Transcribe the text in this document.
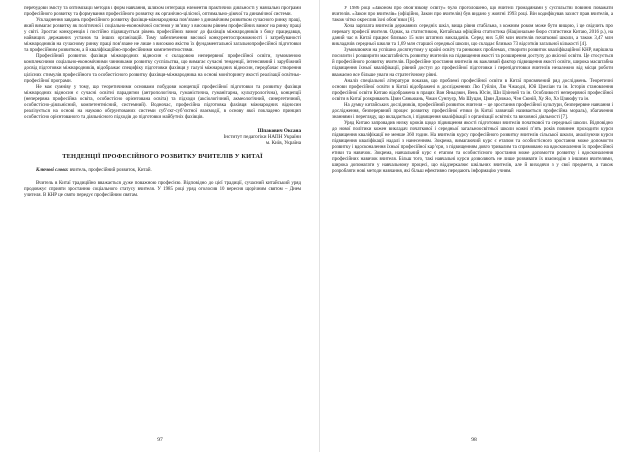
перебудови змісту та оптимізації методів і форм навчання, шляхом інтеграції елементів практичної діяльності у навчальні програми професійного розвитку та формування професійного розвитку як органічно-цілісної, оптимально-діючої та динамічної системи.

Ускладнення завдань професійного розвитку фахівця-міжнародника пов’язане з динамічним розвитком сучасного ринку праці, який вимагає розвитку як політичної і соціально-економічної системи у зв’язку з високим рівнем професійних вимог на ринку праці у світі. Зростає конкуренція і постійно підвищується рівень професійних вимог до фахівців міжнародників з боку працедавця, найвищих державних установ та інших організацій. Тому забезпечення високої конкурентоспроможності і затребуваності міжнародників на сучасному ринку праці пов’язане не лише з високою якістю їх фундаментальної загальнопрофесійної підготовки та професійним розвитком, а й кваліфікаційно-професійними компетентностями.

Професійний розвиток фахівця міжнародних відносин є складовою неперервної професійної освіти, зумовленою комплексними соціально-економічними чинниками розвитку суспільства, що вимагає сучасні тенденції, інтенсивний і зарубіжний досвід підготовки міжнародників, відображає специфіку підготовки фахівця у галузі міжнародних відносин, передбачає створення цілісних стимулів професійного та особистісного розвитку фахівця-міжнародника на основі моніторингу якості реалізації освітньо-професійної програми.

Не має сумніву у тому, що теоретичними основами побудови концепції професійної підготовки та розвитку фахівця міжнародних відносин є сучасні освітні парадигми (антропологічна, гуманістична, гуманітарна, культурологічна), концепції (неперервна професійна освіта, особистісно орієнтована освіта) та підходи (аксіологічний, акмеологічний, синергетичний, особистісно-діяльнісний, компетентнісний, системний). Водночас, професійна підготовка фахівця міжнародних відносин реалізується на основі на науково обґрунтованих системи суб’єкт-суб’єктної взаємодії, в основу якої покладено принцип особистісно орієнтованого та діяльнісного підходів до підготовки майбутніх фахівців.

Шпакович Оксана
Інститут педагогіки НАПН України
м. Київ, Україна
ТЕНДЕНЦІЇ ПРОФЕСІЙНОГО РОЗВИТКУ ВЧИТЕЛІВ У КИТАЇ
Ключові слова: вчитель, професійний розвиток, Китай.

Вчитель в Китаї традиційно вважається дуже поважною професією. Відповідно до цієї традиції, сучасний китайський уряд продовжує сприяти зростанню соціального статусу вчителя. У 1985 році уряд оголосив 10 вересня щорічним святом – Днем учителя. В КНР це свято передує професійним святам.

97

У 1986 році «Законом про обов’язкову освіту» було проголошено, що вчителі громадянами у суспільстві повинні поважати вчителів. «Закон про вчителів» (офіційно, Закон про вчителів) був видано у жовтні 1993 році. Він кодифікував захист прав вчителів, а також чітко окреслив їхні обов’язки [6].

Хоча зарплата вчителів державних середніх шкіл, вища рівня стабільна, з кожним роком може бути вищою, і це свідчить про перевагу професії вчителя. Однак, за статистикою, Китайська офіційна статистика (Національне бюро статистики Китаю, 2016 р.), на даний час в Китаї працює близько 15 млн штатних викладачів. Серед них 5,68 млн вчителів початкової школи, а також 3,47 млн викладачів середньої школи та 1,69 млн старшої середньої школи, що складає близько 73 відсотків загальної кількості [4].

Зумовлюючи на успішно досягнутому у країні освіту та ринкових проблемах, створити розвиток кваліфікаційної КНР, вирішила посилити і розширити масштабність розвитку вчителів на підвищення якості та розширення доступу до якісної освіти. Це стосується й професійного розвитку вчителів. Професійне зростання вчителів як важливий фактор підвищення якості освіти, широка масштабна підвищення їхньої кваліфікації, рівний доступ до професійної підготовки і перепідготовки вчителів незалежно від місця роботи вважаємо все більше уваги на стратегічному рівні.

Аналіз спеціальної літератури показав, що проблемі професійної освіти в Китаї присвячений ряд досліджень. Теоретичні основи професійної освіти в Китаї відображені в дослідженнях Лю Гуйлін, Лю Чжаодзі, Юй Цзеліан та ін. Історія становлення професійної освіти Китаю відображена в працях Ван Яньцзюн, Вень Юсін, Ши Цзінчей та ін. Особливості неперервної професійної освіти в Китаї розкривають Цзян Сяньюань, Чжан Сунпуєр, Мо Шуцан, Цзян Дачжао, Чэн Сюній, Ху Яо, Хэ Цзиюфу та ін.

На думку китайських дослідників, професійний розвиток вчителя – це зростання професійної культури, безперервне навчання і дослідження, безперервний процес розвитку професійної етики (в Китаї зазвичай називається професійна мораль), збагачення знаннями і перегляду, що вкладається, і підвищення кваліфікації з організації освітніх та виховної діяльності [7].

Уряд Китаю запровадив низку кроків щодо підвищення якості підготовки вчителів початкової та середньої школи. Відповідно до нової політики кожен викладач початкової і середньої загальноосвітньої школи кожні п’ять років повинен проходити курси підвищення кваліфікації не менше 360 годин. На вчителів курсу професійного розвитку вчителів сільської школи, аналізуючи курси підвищення кваліфікації надалі з нанесенням. Зокрема, вимагаючий курс є етапом та особистісного зростання може допомогти розвитку і вдосконалення їхньої професійної кар’єри, з підвищенням довго тривалим та спрямовано на вдосконалення їх професійної етики та навичок. Зокрема, навчальний курс є етапом та особистісного зростання може допомогти розвитку і вдосконалення професійних навичок вчителя. Більш того, такі навчальні курси дозволяють не лише розвивати їх взаємодію з іншими вчителями, широка допомагати у навчальному процесі, що віддзеркалює шкільних вчителів, але й виходячи з у свої предмети, а також розробляти нові методи навчання, які більш ефективно передають інформацію учням.

98
